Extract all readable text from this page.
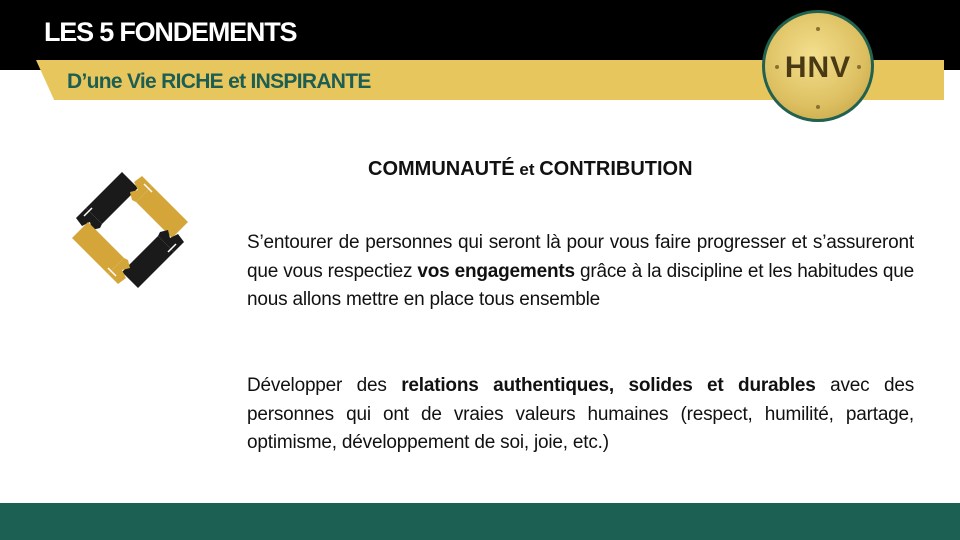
LES 5 FONDEMENTS
D’une Vie RICHE et INSPIRANTE	HNV
COMMUNAUTÉ et CONTRIBUTION

S’entourer de personnes qui seront là pour vous faire progresser et s’assureront que vous respectiez vos engagements grâce à la discipline et les habitudes que nous allons mettre en place tous ensemble

Développer des relations authentiques, solides et durables avec des personnes qui ont de vraies valeurs humaines (respect, humilité, partage, optimisme, développement de soi, joie, etc.)
